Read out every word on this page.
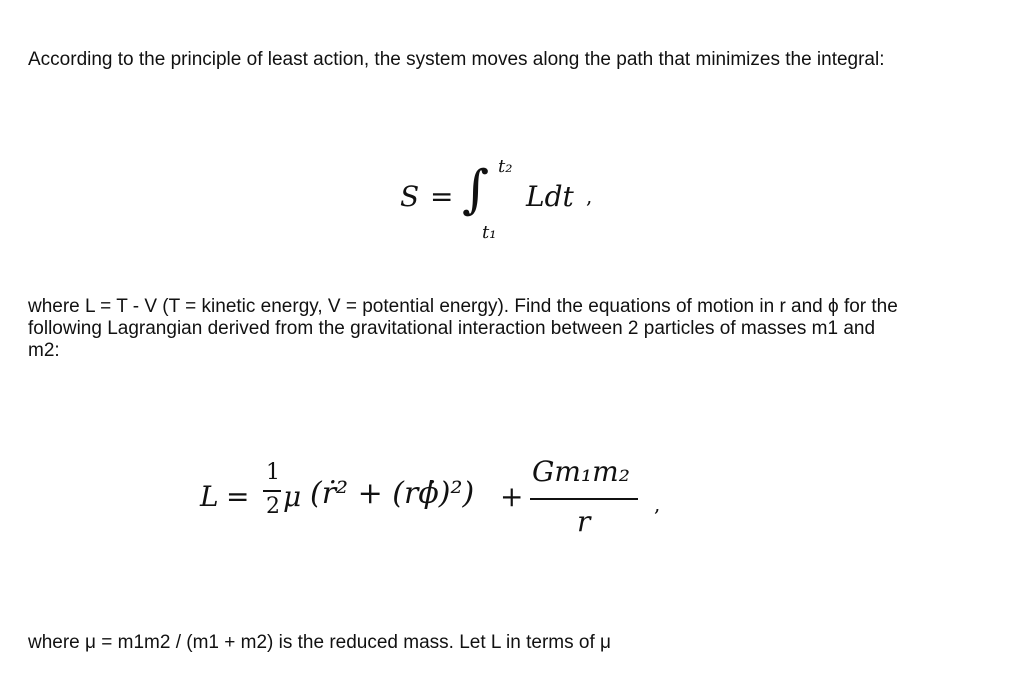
According to the principle of least action, the system moves along the path that minimizes the integral:

S = ∫ t₂
t₁
Ldt ,

where L = T - V (T = kinetic energy, V = potential energy). Find the equations of motion in r and ϕ for the following Lagrangian derived from the gravitational interaction between 2 particles of masses m1 and m2:

L =
1
2 μ (ṙ² + (rϕ̇)²) +
Gm₁m₂
r
,

where μ = m1m2 / (m1 + m2) is the reduced mass. Let L in terms of μ
